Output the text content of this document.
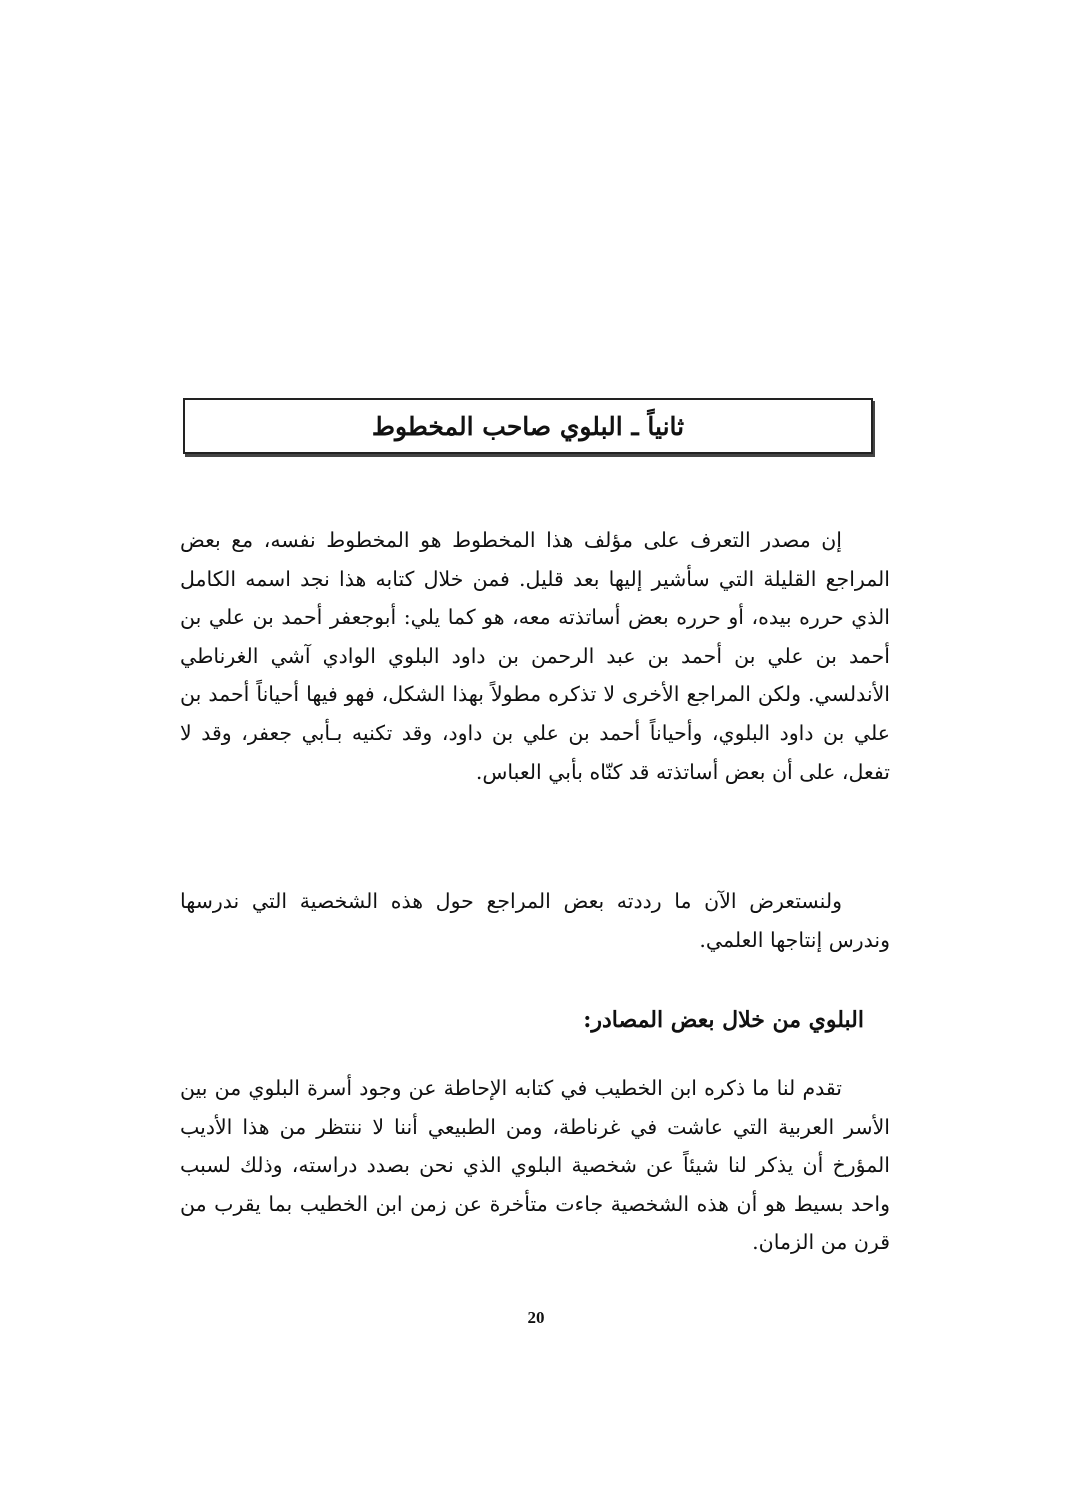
ثانياً ـ البلوي صاحب المخطوط

إن مصدر التعرف على مؤلف هذا المخطوط هو المخطوط نفسه، مع بعض المراجع القليلة التي سأشير إليها بعد قليل. فمن خلال كتابه هذا نجد اسمه الكامل الذي حرره بيده، أو حرره بعض أساتذته معه، هو كما يلي: أبوجعفر أحمد بن علي بن أحمد بن علي بن أحمد بن عبد الرحمن بن داود البلوي الوادي آشي الغرناطي الأندلسي. ولكن المراجع الأخرى لا تذكره مطولاً بهذا الشكل، فهو فيها أحياناً أحمد بن علي بن داود البلوي، وأحياناً أحمد بن علي بن داود، وقد تكنيه بـأبي جعفر، وقد لا تفعل، على أن بعض أساتذته قد كنّاه بأبي العباس.

ولنستعرض الآن ما رددته بعض المراجع حول هذه الشخصية التي ندرسها وندرس إنتاجها العلمي.

البلوي من خلال بعض المصادر:

تقدم لنا ما ذكره ابن الخطيب في كتابه الإحاطة عن وجود أسرة البلوي من بين الأسر العربية التي عاشت في غرناطة، ومن الطبيعي أننا لا ننتظر من هذا الأديب المؤرخ أن يذكر لنا شيئاً عن شخصية البلوي الذي نحن بصدد دراسته، وذلك لسبب واحد بسيط هو أن هذه الشخصية جاءت متأخرة عن زمن ابن الخطيب بما يقرب من قرن من الزمان.

20
